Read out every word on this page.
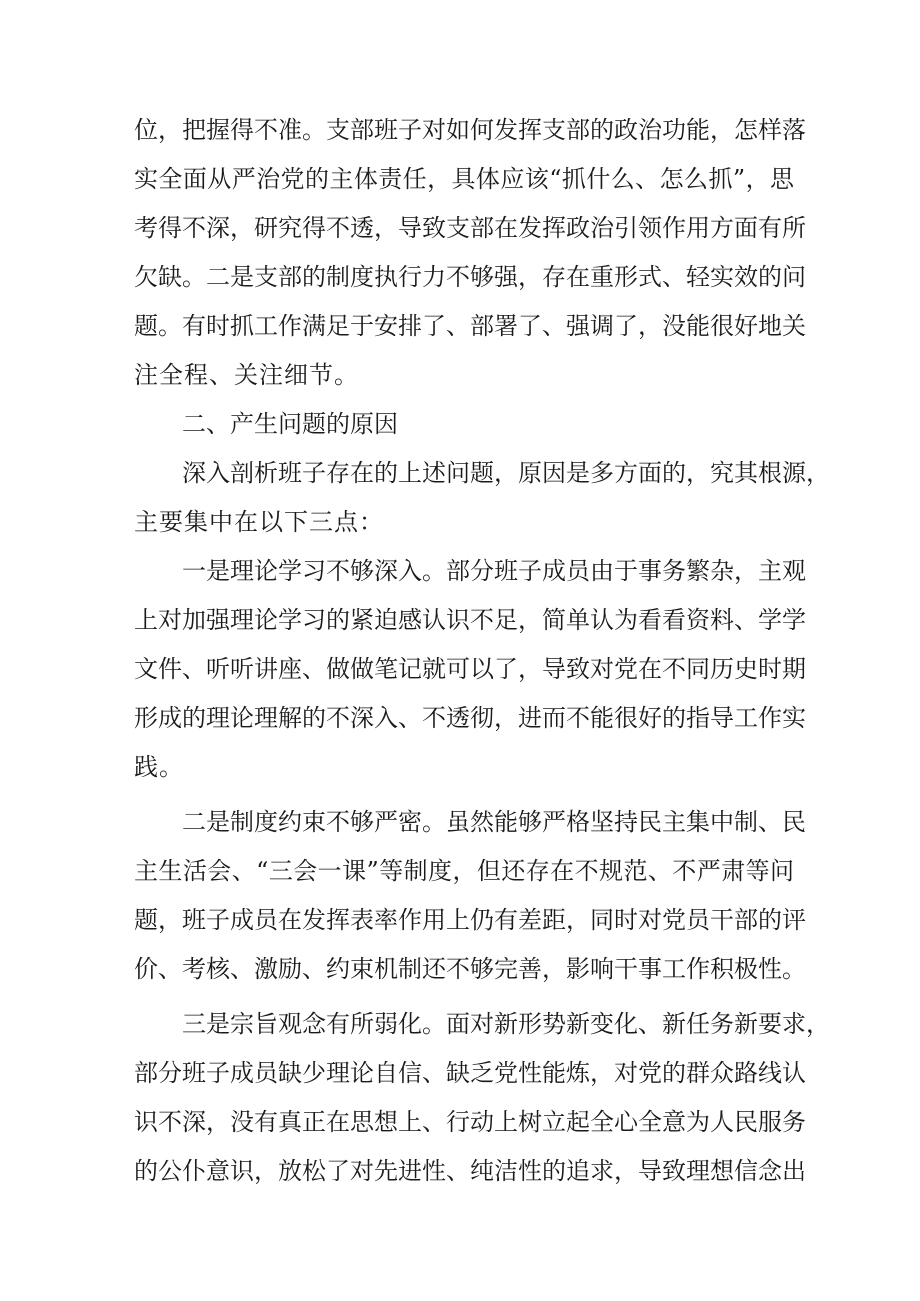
位，把握得不准。支部班子对如何发挥支部的政治功能，怎样落
实全面从严治党的主体责任，具体应该“抓什么、怎么抓”，思
考得不深，研究得不透，导致支部在发挥政治引领作用方面有所
欠缺。二是支部的制度执行力不够强，存在重形式、轻实效的问
题。有时抓工作满足于安排了、部署了、强调了，没能很好地关
注全程、关注细节。
二、产生问题的原因
深入剖析班子存在的上述问题，原因是多方面的，究其根源，
主要集中在以下三点：
一是理论学习不够深入。部分班子成员由于事务繁杂，主观
上对加强理论学习的紧迫感认识不足，简单认为看看资料、学学
文件、听听讲座、做做笔记就可以了，导致对党在不同历史时期
形成的理论理解的不深入、不透彻，进而不能很好的指导工作实
践。
二是制度约束不够严密。虽然能够严格坚持民主集中制、民
主生活会、“三会一课”等制度，但还存在不规范、不严肃等问
题，班子成员在发挥表率作用上仍有差距，同时对党员干部的评
价、考核、激励、约束机制还不够完善，影响干事工作积极性。
三是宗旨观念有所弱化。面对新形势新变化、新任务新要求，
部分班子成员缺少理论自信、缺乏党性能炼，对党的群众路线认
识不深，没有真正在思想上、行动上树立起全心全意为人民服务
的公仆意识，放松了对先进性、纯洁性的追求，导致理想信念出
